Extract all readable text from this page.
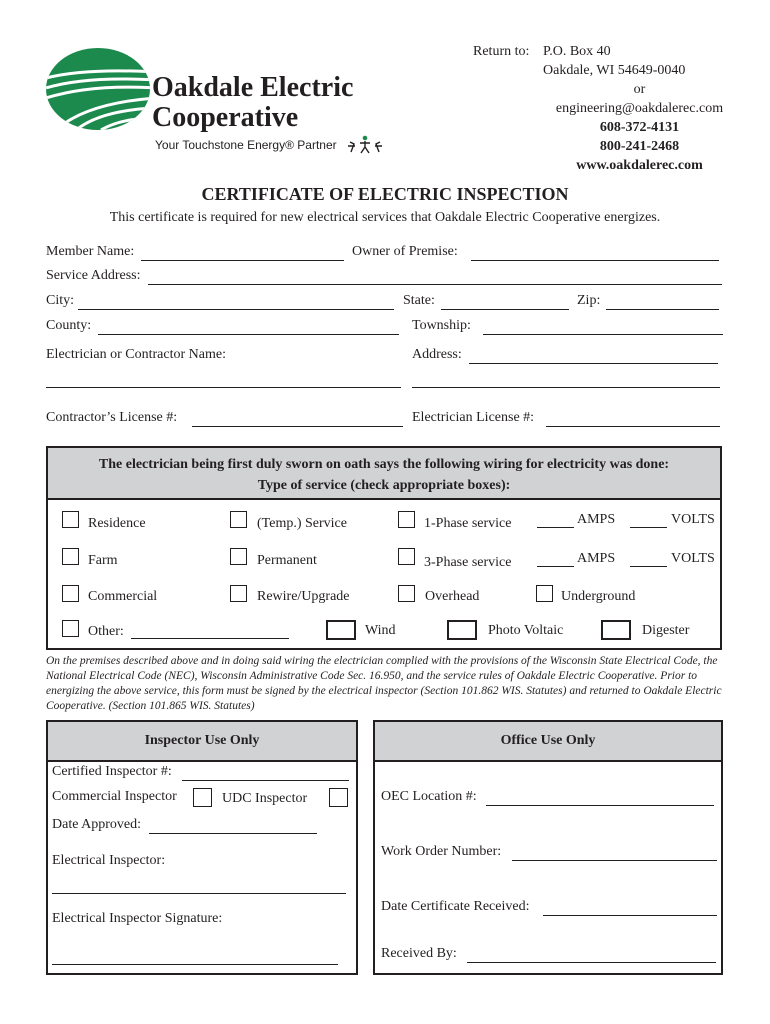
Oakdale Electric
Cooperative
Your Touchstone Energy® Partner
Return to: P.O. Box 40
Oakdale, WI 54649-0040
or
engineering@oakdalerec.com
608-372-4131
800-241-2468
www.oakdalerec.com
CERTIFICATE OF ELECTRIC INSPECTION
This certificate is required for new electrical services that Oakdale Electric Cooperative energizes.
Member Name:	Owner of Premise:
Service Address:
City:	State:	Zip:
County:	Township:
Electrician or Contractor Name:	Address:
Contractor’s License #:	Electrician License #:
The electrician being first duly sworn on oath says the following wiring for electricity was done:
Type of service (check appropriate boxes):
Residence	(Temp.) Service	1-Phase service	AMPS	VOLTS
Farm	Permanent	3-Phase service	AMPS	VOLTS
Commercial	Rewire/Upgrade	Overhead	Underground
Other:	Wind	Photo Voltaic	Digester
On the premises described above and in doing said wiring the electrician complied with the provisions of the Wisconsin State Electrical Code, the National Electrical Code (NEC), Wisconsin Administrative Code Sec. 16.950, and the service rules of Oakdale Electric Cooperative. Prior to energizing the above service, this form must be signed by the electrical inspector (Section 101.862 WIS. Statutes) and returned to Oakdale Electric Cooperative. (Section 101.865 WIS. Statutes)
Inspector Use Only
Certified Inspector #:
Commercial Inspector	UDC Inspector
Date Approved:
Electrical Inspector:
Electrical Inspector Signature:
Office Use Only
OEC Location #:
Work Order Number:
Date Certificate Received:
Received By:
